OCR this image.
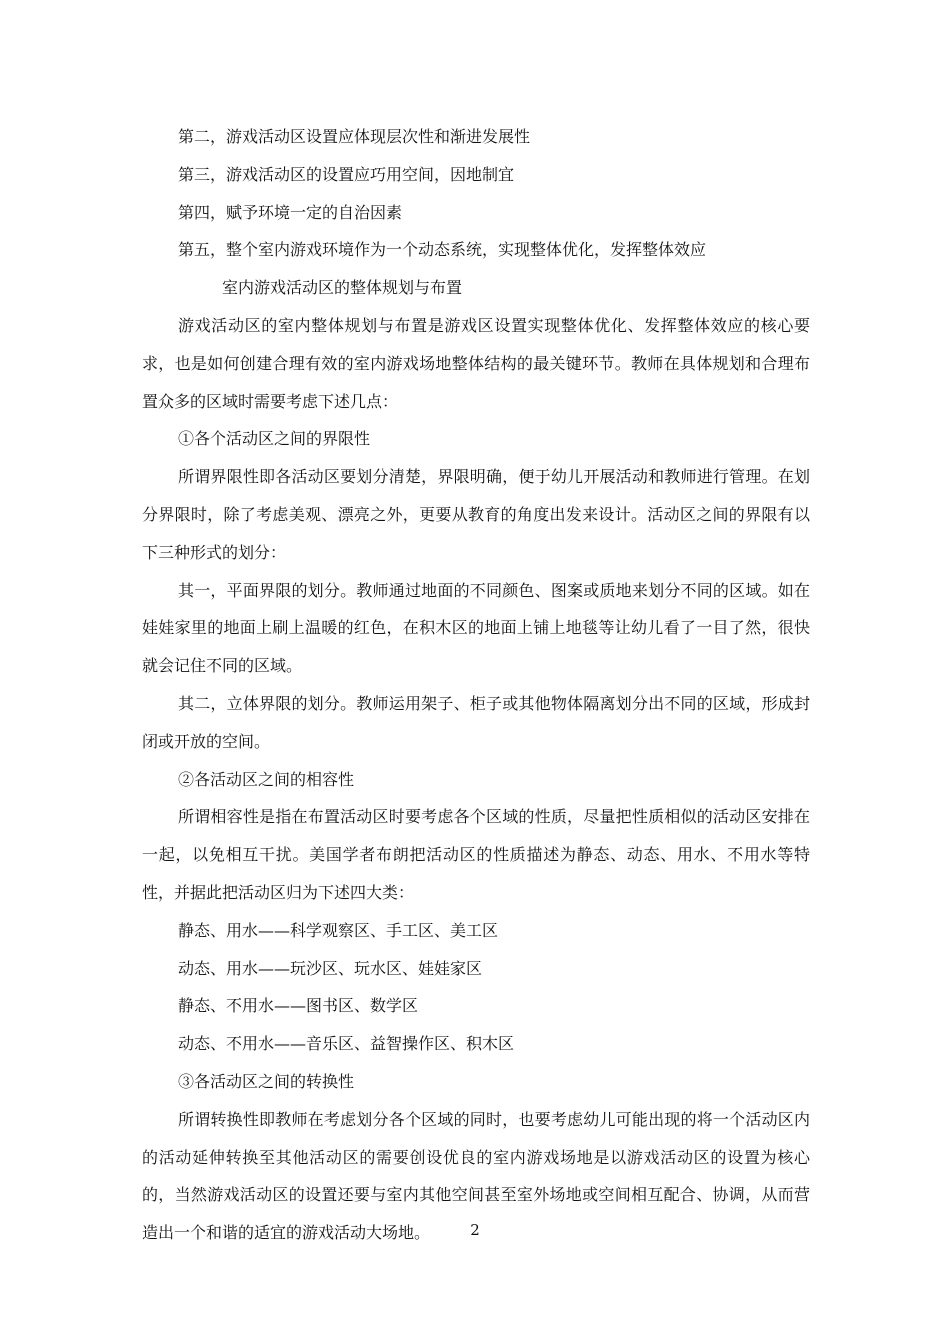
第二，游戏活动区设置应体现层次性和渐进发展性
第三，游戏活动区的设置应巧用空间，因地制宜
第四，赋予环境一定的自治因素
第五，整个室内游戏环境作为一个动态系统，实现整体优化，发挥整体效应
室内游戏活动区的整体规划与布置

游戏活动区的室内整体规划与布置是游戏区设置实现整体优化、发挥整体效应的核心要求，也是如何创建合理有效的室内游戏场地整体结构的最关键环节。教师在具体规划和合理布置众多的区域时需要考虑下述几点：

①各个活动区之间的界限性

所谓界限性即各活动区要划分清楚，界限明确，便于幼儿开展活动和教师进行管理。在划分界限时，除了考虑美观、漂亮之外，更要从教育的角度出发来设计。活动区之间的界限有以下三种形式的划分：

其一，平面界限的划分。教师通过地面的不同颜色、图案或质地来划分不同的区域。如在娃娃家里的地面上刷上温暖的红色，在积木区的地面上铺上地毯等让幼儿看了一目了然，很快就会记住不同的区域。

其二，立体界限的划分。教师运用架子、柜子或其他物体隔离划分出不同的区域，形成封闭或开放的空间。

②各活动区之间的相容性

所谓相容性是指在布置活动区时要考虑各个区域的性质，尽量把性质相似的活动区安排在一起，以免相互干扰。美国学者布朗把活动区的性质描述为静态、动态、用水、不用水等特性，并据此把活动区归为下述四大类：

静态、用水——科学观察区、手工区、美工区
动态、用水——玩沙区、玩水区、娃娃家区
静态、不用水——图书区、数学区
动态、不用水——音乐区、益智操作区、积木区
③各活动区之间的转换性

所谓转换性即教师在考虑划分各个区域的同时，也要考虑幼儿可能出现的将一个活动区内的活动延伸转换至其他活动区的需要创设优良的室内游戏场地是以游戏活动区的设置为核心的，当然游戏活动区的设置还要与室内其他空间甚至室外场地或空间相互配合、协调，从而营造出一个和谐的适宜的游戏活动大场地。	2
